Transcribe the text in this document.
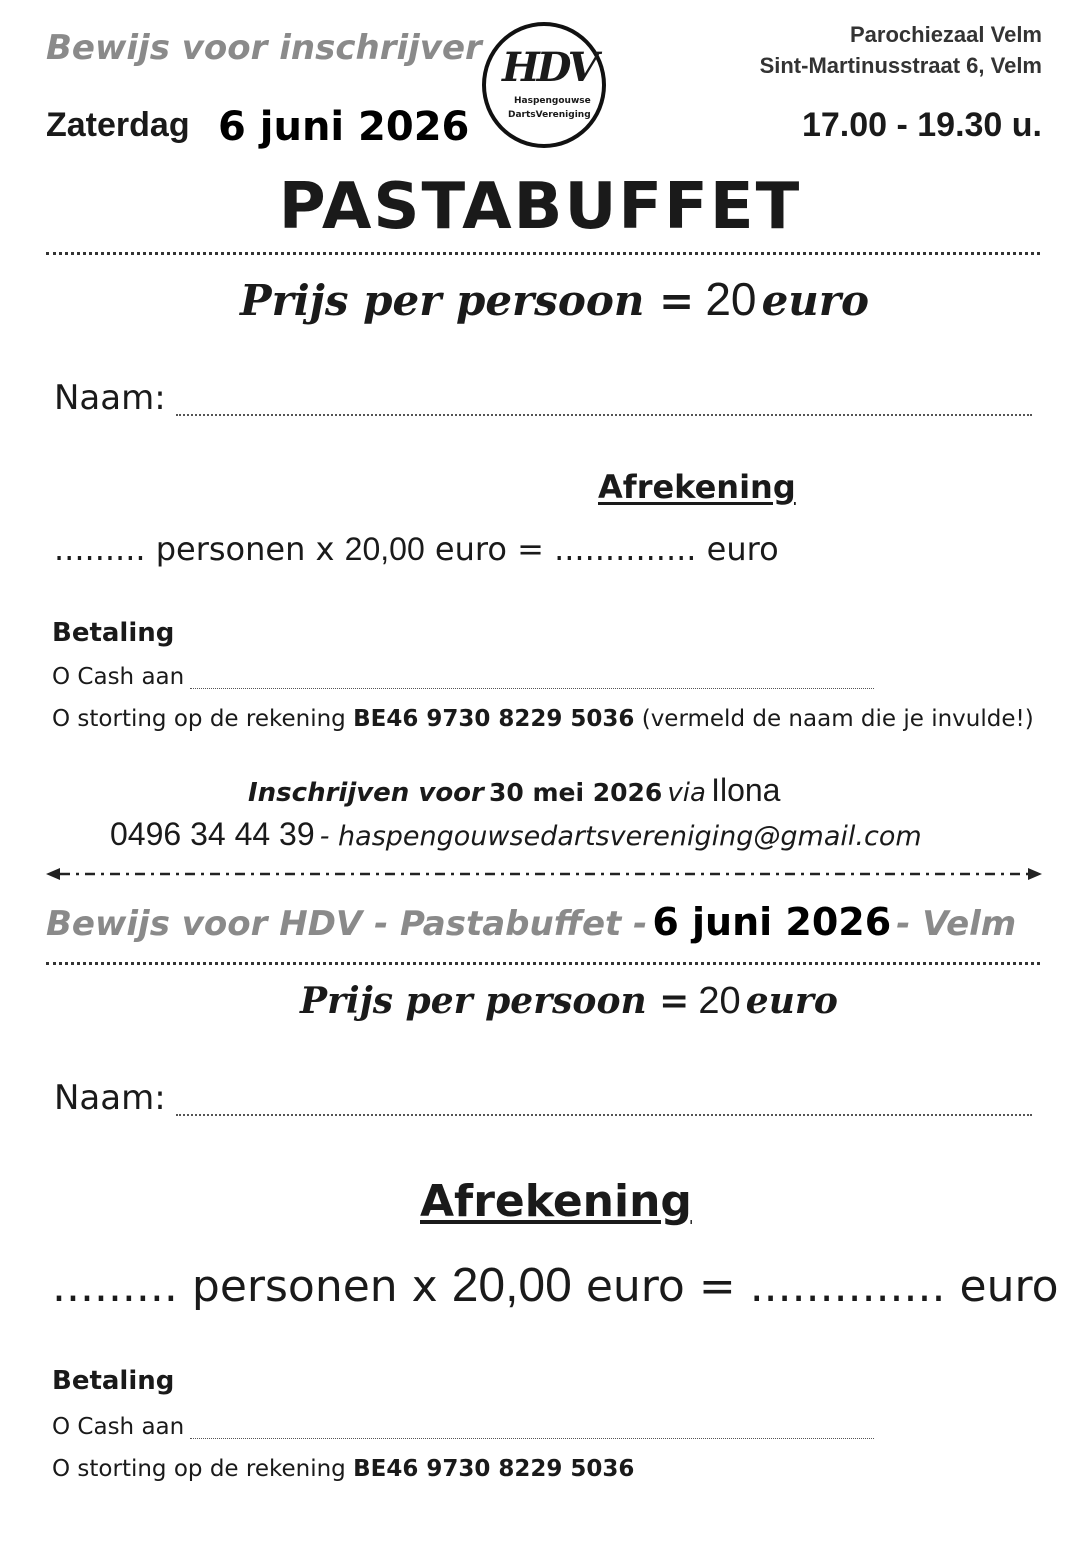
Bewijs voor inschrijver
Zaterdag 6 juni 2026
HDV
Haspengouwse
DartsVereniging
Parochiezaal Velm
Sint-Martinusstraat 6, Velm
17.00 - 19.30 u.
PASTABUFFET
Prijs per persoon = 20 euro
Naam:
Afrekening
......... personen x 20,00 euro = .............. euro
Betaling
O Cash aan
O storting op de rekening BE46 9730 8229 5036 (vermeld de naam die je invulde!)
Inschrijven voor 30 mei 2026 via Ilona
0496 34 44 39 - haspengouwsedartsvereniging@gmail.com
Bewijs voor HDV - Pastabuffet - 6 juni 2026 - Velm
Prijs per persoon = 20 euro
Naam:
Afrekening
......... personen x 20,00 euro = .............. euro
Betaling
O Cash aan
O storting op de rekening BE46 9730 8229 5036
